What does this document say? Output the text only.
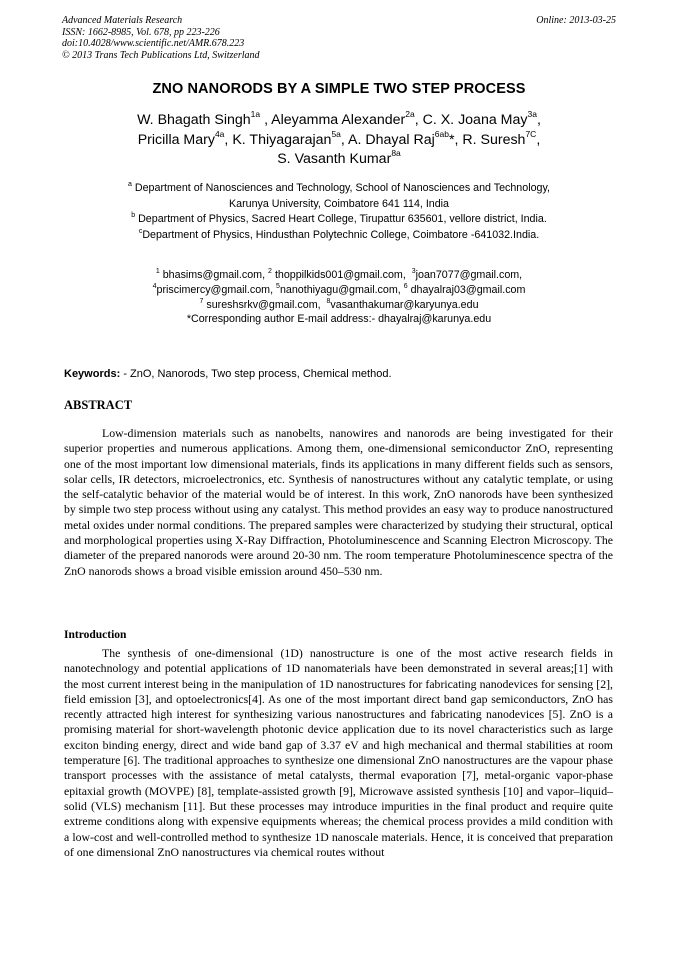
Advanced Materials Research
ISSN: 1662-8985, Vol. 678, pp 223-226
doi:10.4028/www.scientific.net/AMR.678.223
© 2013 Trans Tech Publications Ltd, Switzerland
Online: 2013-03-25
ZNO NANORODS BY A SIMPLE TWO STEP PROCESS
W. Bhagath Singh$^{1a}$ , Aleyamma Alexander$^{2a}$, C. X. Joana May$^{3a}$,
Pricilla Mary$^{4a}$, K. Thiyagarajan$^{5a}$, A. Dhayal Raj$^{6ab}$*, R. Suresh$^{7C}$,
S. Vasanth Kumar$^{8a}$
$^a$ Department of Nanosciences and Technology, School of Nanosciences and Technology,
Karunya University, Coimbatore 641 114, India
$^b$ Department of Physics, Sacred Heart College, Tirupattur 635601, vellore district, India.
$^c$Department of Physics, Hindusthan Polytechnic College, Coimbatore -641032.India.
$^1$ bhasims@gmail.com, $^2$ thoppilkids001@gmail.com, $^3$joan7077@gmail.com,
$^4$priscimercy@gmail.com, $^5$nanothiyagu@gmail.com, $^6$ dhayalraj03@gmail.com
$^7$ sureshsrkv@gmail.com, $^8$vasanthakumar@karyunya.edu
*Corresponding author E-mail address:- dhayalraj@karunya.edu
Keywords: - ZnO, Nanorods, Two step process, Chemical method.
ABSTRACT
Low-dimension materials such as nanobelts, nanowires and nanorods are being investigated for their superior properties and numerous applications. Among them, one-dimensional semiconductor ZnO, representing one of the most important low dimensional materials, finds its applications in many different fields such as sensors, solar cells, IR detectors, microelectronics, etc. Synthesis of nanostructures without any catalytic template, or using the self-catalytic behavior of the material would be of interest. In this work, ZnO nanorods have been synthesized by simple two step process without using any catalyst. This method provides an easy way to produce nanostructured metal oxides under normal conditions. The prepared samples were characterized by studying their structural, optical and morphological properties using X-Ray Diffraction, Photoluminescence and Scanning Electron Microscopy. The diameter of the prepared nanorods were around 20-30 nm. The room temperature Photoluminescence spectra of the ZnO nanorods shows a broad visible emission around 450–530 nm.
Introduction
The synthesis of one-dimensional (1D) nanostructure is one of the most active research fields in nanotechnology and potential applications of 1D nanomaterials have been demonstrated in several areas;[1] with the most current interest being in the manipulation of 1D nanostructures for fabricating nanodevices for sensing [2], field emission [3], and optoelectronics[4]. As one of the most important direct band gap semiconductors, ZnO has recently attracted high interest for synthesizing various nanostructures and fabricating nanodevices [5]. ZnO is a promising material for short-wavelength photonic device application due to its novel characteristics such as large exciton binding energy, direct and wide band gap of 3.37 eV and high mechanical and thermal stabilities at room temperature [6]. The traditional approaches to synthesize one dimensional ZnO nanostructures are the vapour phase transport processes with the assistance of metal catalysts, thermal evaporation [7], metal-organic vapor-phase epitaxial growth (MOVPE) [8], template-assisted growth [9], Microwave assisted synthesis [10] and vapor–liquid–solid (VLS) mechanism [11]. But these processes may introduce impurities in the final product and require quite extreme conditions along with expensive equipments whereas; the chemical process provides a mild condition with a low-cost and well-controlled method to synthesize 1D nanoscale materials. Hence, it is conceived that preparation of one dimensional ZnO nanostructures via chemical routes without
